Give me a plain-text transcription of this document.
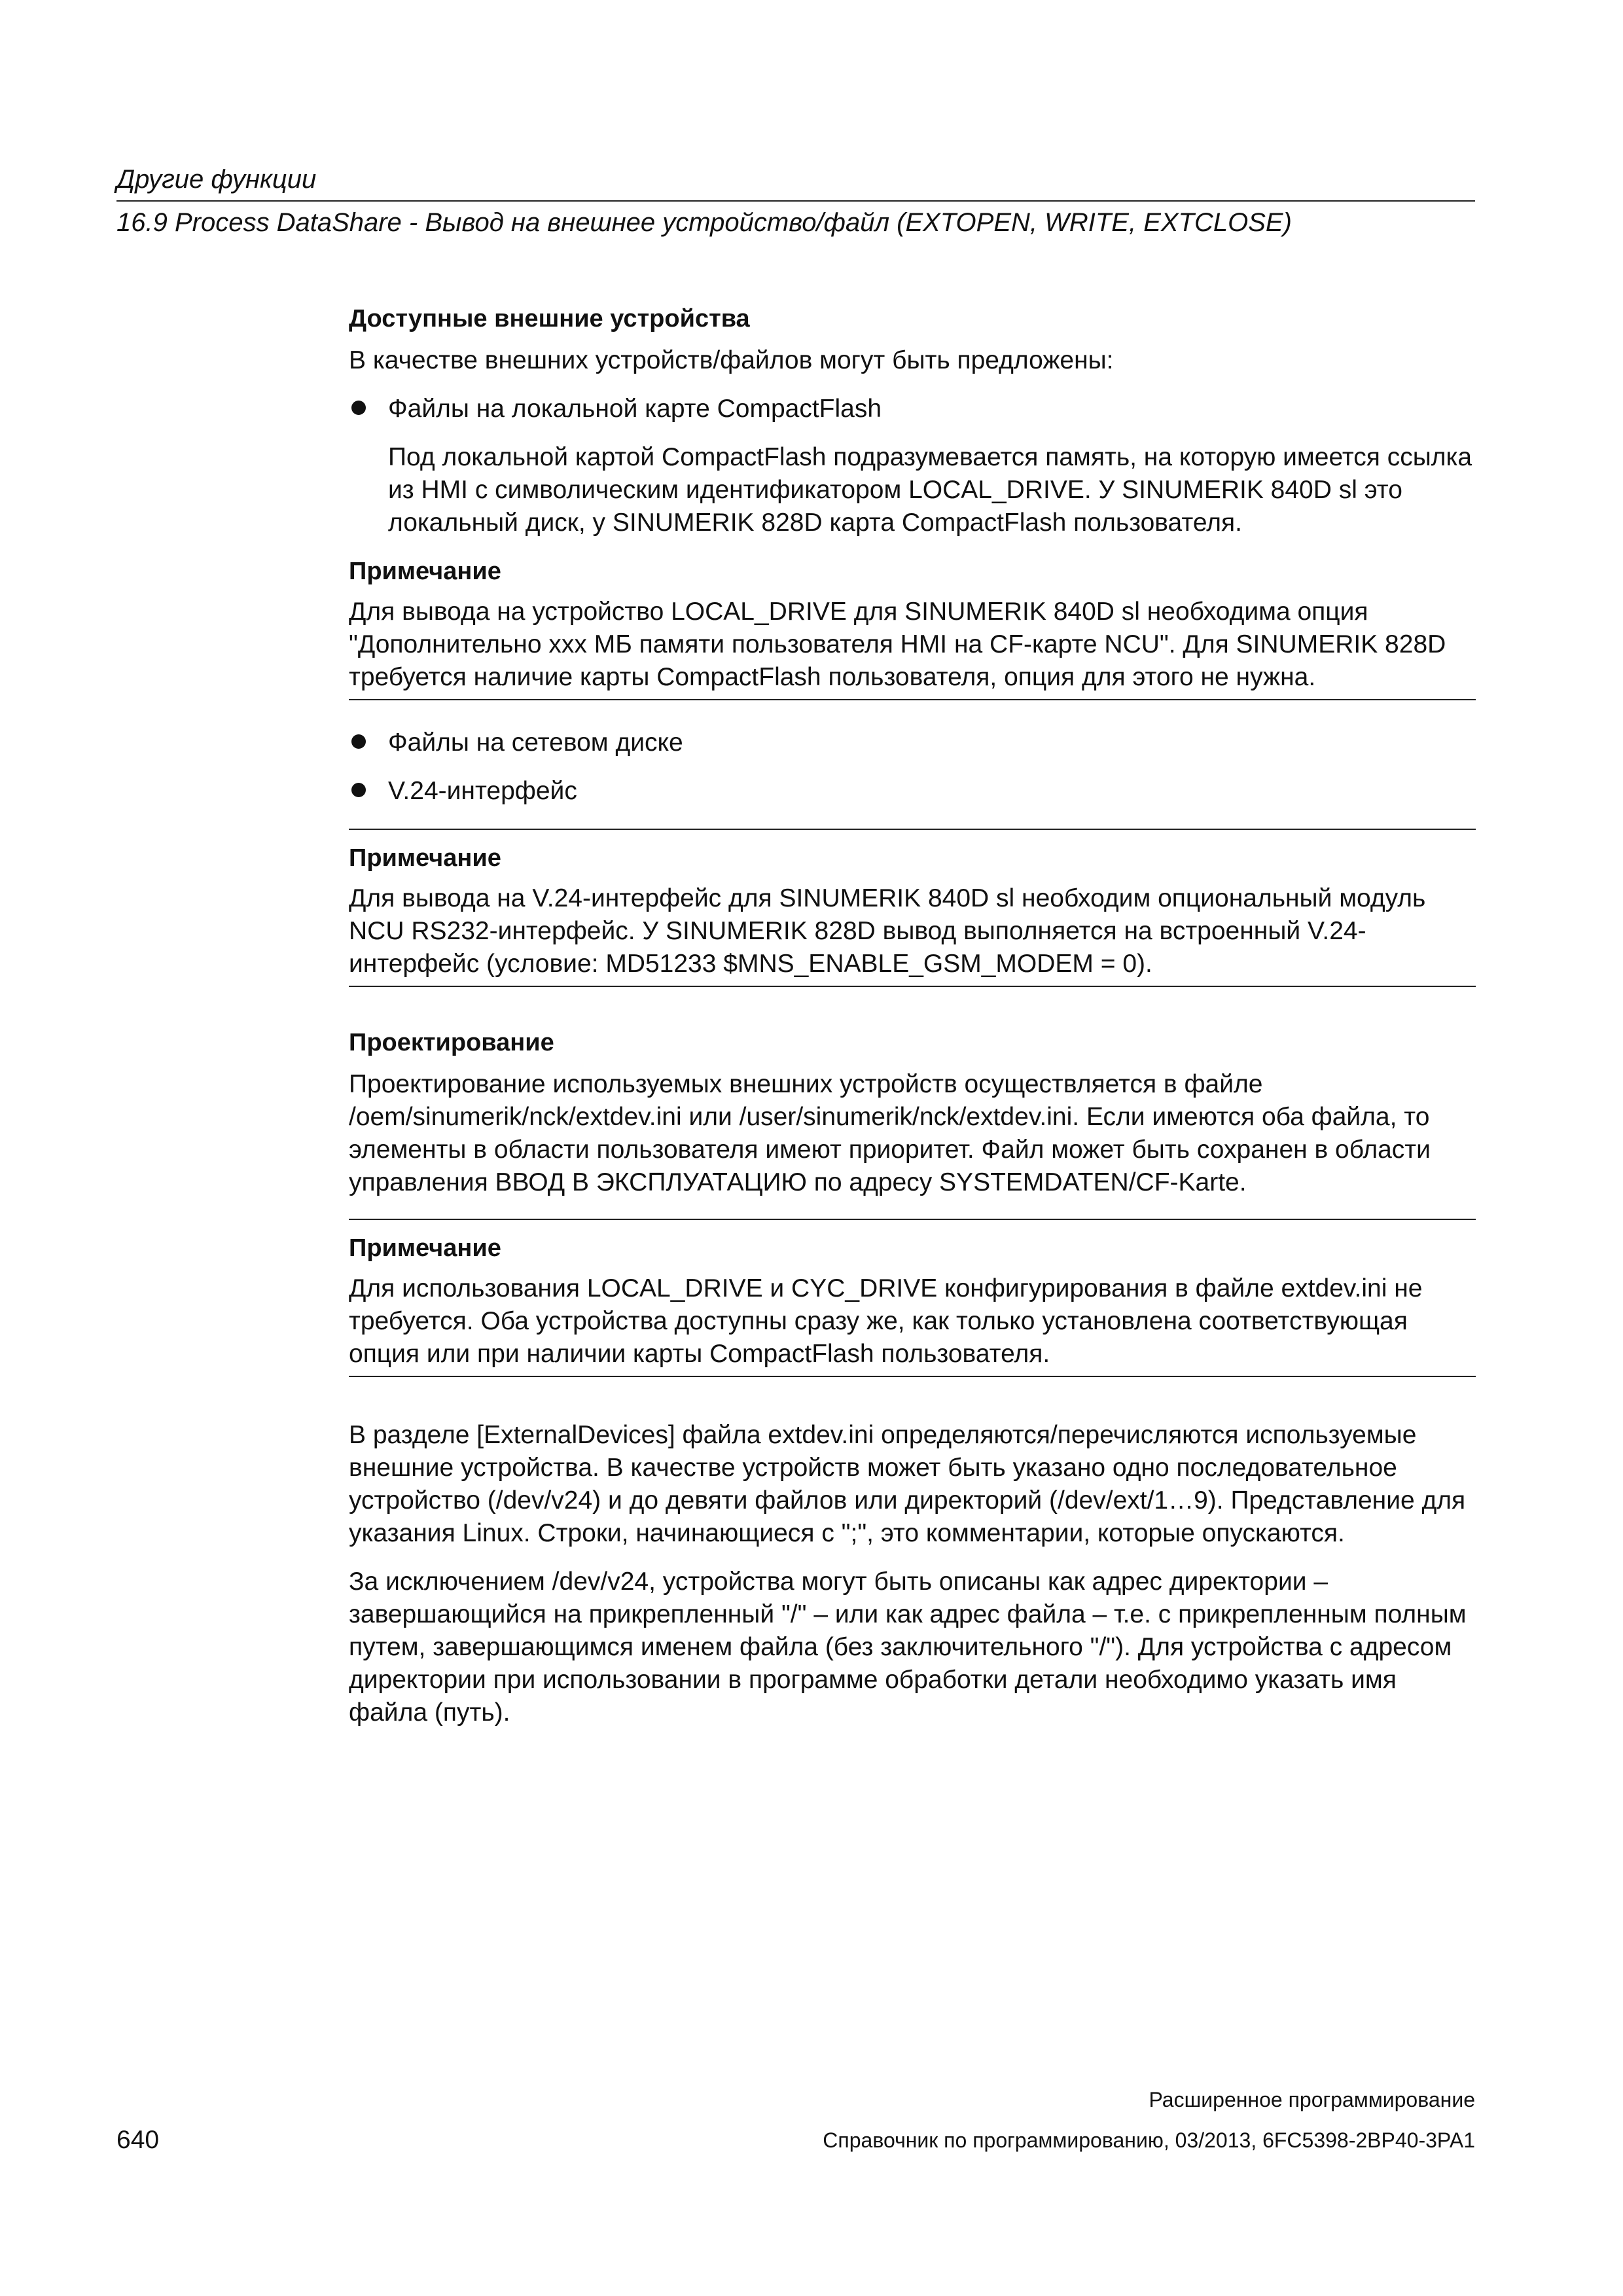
Другие функции
16.9 Process DataShare - Вывод на внешнее устройство/файл (EXTOPEN, WRITE, EXTCLOSE)
Доступные внешние устройства

В качестве внешних устройств/файлов могут быть предложены:

Файлы на локальной карте CompactFlash

Под локальной картой CompactFlash подразумевается память, на которую имеется ссылка из HMI с символическим идентификатором LOCAL_DRIVE. У SINUMERIK 840D sl это локальный диск, у SINUMERIK 828D карта CompactFlash пользователя.

Примечание

Для вывода на устройство LOCAL_DRIVE для SINUMERIK 840D sl необходима опция "Дополнительно xxx МБ памяти пользователя HMI на CF-карте NCU". Для SINUMERIK 828D требуется наличие карты CompactFlash пользователя, опция для этого не нужна.

Файлы на сетевом диске
V.24-интерфейс
Примечание

Для вывода на V.24-интерфейс для SINUMERIK 840D sl необходим опциональный модуль NCU RS232-интерфейс. У SINUMERIK 828D вывод выполняется на встроенный V.24-интерфейс (условие: MD51233 $MNS_ENABLE_GSM_MODEM = 0).

Проектирование

Проектирование используемых внешних устройств осуществляется в файле /oem/sinumerik/nck/extdev.ini или /user/sinumerik/nck/extdev.ini. Если имеются оба файла, то элементы в области пользователя имеют приоритет. Файл может быть сохранен в области управления ВВОД В ЭКСПЛУАТАЦИЮ по адресу SYSTEMDATEN/CF-Karte.

Примечание

Для использования LOCAL_DRIVE и CYC_DRIVE конфигурирования в файле extdev.ini не требуется. Оба устройства доступны сразу же, как только установлена соответствующая опция или при наличии карты CompactFlash пользователя.

В разделе [ExternalDevices] файла extdev.ini определяются/перечисляются используемые внешние устройства. В качестве устройств может быть указано одно последовательное устройство (/dev/v24) и до девяти файлов или директорий (/dev/ext/1…9). Представление для указания Linux. Строки, начинающиеся с ";", это комментарии, которые опускаются.

За исключением /dev/v24, устройства могут быть описаны как адрес директории – завершающийся на прикрепленный "/" – или как адрес файла – т.е. с прикрепленным полным путем, завершающимся именем файла (без заключительного "/"). Для устройства с адресом директории при использовании в программе обработки детали необходимо указать имя файла (путь).

Расширенное программирование
640	Справочник по программированию, 03/2013, 6FC5398-2BP40-3PA1
